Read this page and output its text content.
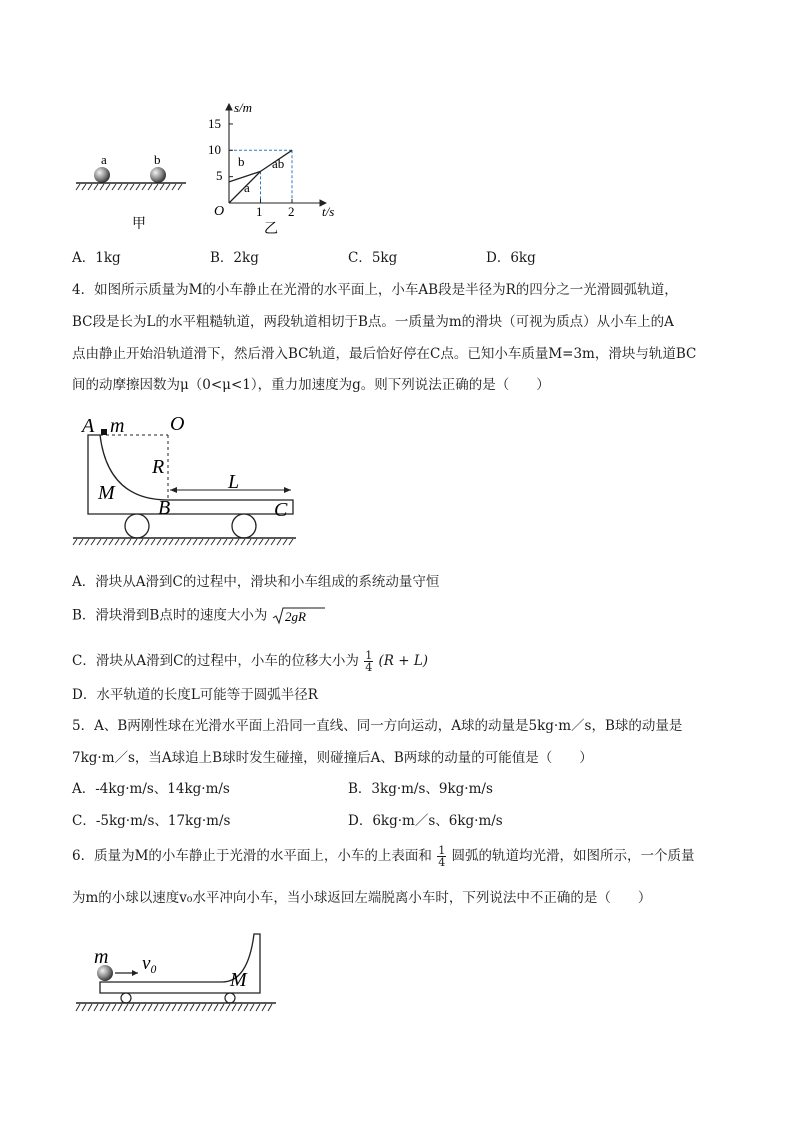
a	b
甲
s/m
t/s
O
15
10
5
1 2
b
a
ab
乙
A．1kg	B．2kg	C．5kg	D．6kg
4．如图所示质量为M的小车静止在光滑的水平面上，小车AB段是半径为R的四分之一光滑圆弧轨道，
BC段是长为L的水平粗糙轨道，两段轨道相切于B点。一质量为m的滑块（可视为质点）从小车上的A
点由静止开始沿轨道滑下，然后滑入BC轨道，最后恰好停在C点。已知小车质量M=3m，滑块与轨道BC
间的动摩擦因数为μ（0<μ<1），重力加速度为g。则下列说法正确的是（　　）
A m O
R
M	L
B	C
A．滑块从A滑到C的过程中，滑块和小车组成的系统动量守恒
B．滑块滑到B点时的速度大小为 2gR
C．滑块从A滑到C的过程中，小车的位移大小为 $\frac{1}{4} (R + L)$
D．水平轨道的长度L可能等于圆弧半径R
5．A、B两刚性球在光滑水平面上沿同一直线、同一方向运动，A球的动量是5kg·m／s，B球的动量是
7kg·m／s，当A球追上B球时发生碰撞，则碰撞后A、B两球的动量的可能值是（　　）
A．-4kg·m/s、14kg·m/s	B．3kg·m/s、9kg·m/s
C．-5kg·m/s、17kg·m/s	D．6kg·m／s、6kg·m/s
6．质量为M的小车静止于光滑的水平面上，小车的上表面和 $\frac{1}{4}$ 圆弧的轨道均光滑，如图所示，一个质量
为m的小球以速度v₀水平冲向小车，当小球返回左端脱离小车时，下列说法中不正确的是（　　）
m v₀
M
